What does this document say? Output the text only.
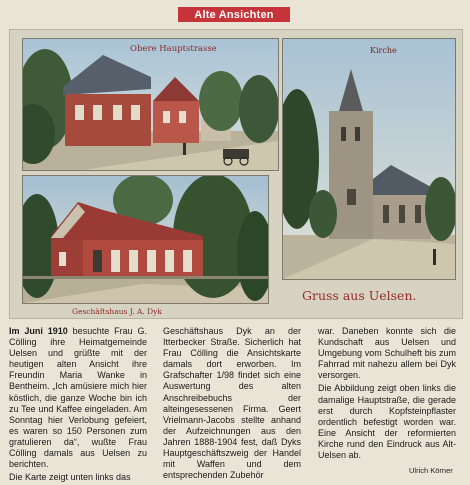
Alte Ansichten
Obere Hauptstrasse	Kirche
Geschäftshaus J. A. Dyk
Gruss aus Uelsen.

Im Juni 1910 besuchte Frau G. Cölling ihre Heimatgemeinde Uelsen und grüßte mit der heutigen alten Ansicht ihre Freundin Maria Wanke in Bentheim. „Ich amüsiere mich hier köstlich, die ganze Woche bin ich zu Tee und Kaffee eingeladen. Am Sonntag hier Verlobung gefeiert, es waren so 150 Personen zum gratulieren da“, wußte Frau Cölling damals aus Uelsen zu berichten.

Die Karte zeigt unten links das

Geschäftshaus Dyk an der Itterbecker Straße. Sicherlich hat Frau Cölling die Ansichtskarte damals dort erworben. Im Grafschafter 1/98 findet sich eine Auswertung des alten Anschreibebuchs der alteingesessenen Firma. Geert Vrielmann-Jacobs stellte anhand der Aufzeichnungen aus den Jahren 1888-1904 fest, daß Dyks Hauptgeschäftszweig der Handel mit Waffen und dem entsprechenden Zubehör

war. Daneben konnte sich die Kundschaft aus Uelsen und Umgebung vom Schulheft bis zum Fahrrad mit nahezu allem bei Dyk versorgen.

Die Abbildung zeigt oben links die damalige Hauptstraße, die gerade erst durch Kopfsteinpflaster ordentlich befestigt worden war. Eine Ansicht der reformierten Kirche rund den Eindruck aus Alt-Uelsen ab.

Ulrich Körner
